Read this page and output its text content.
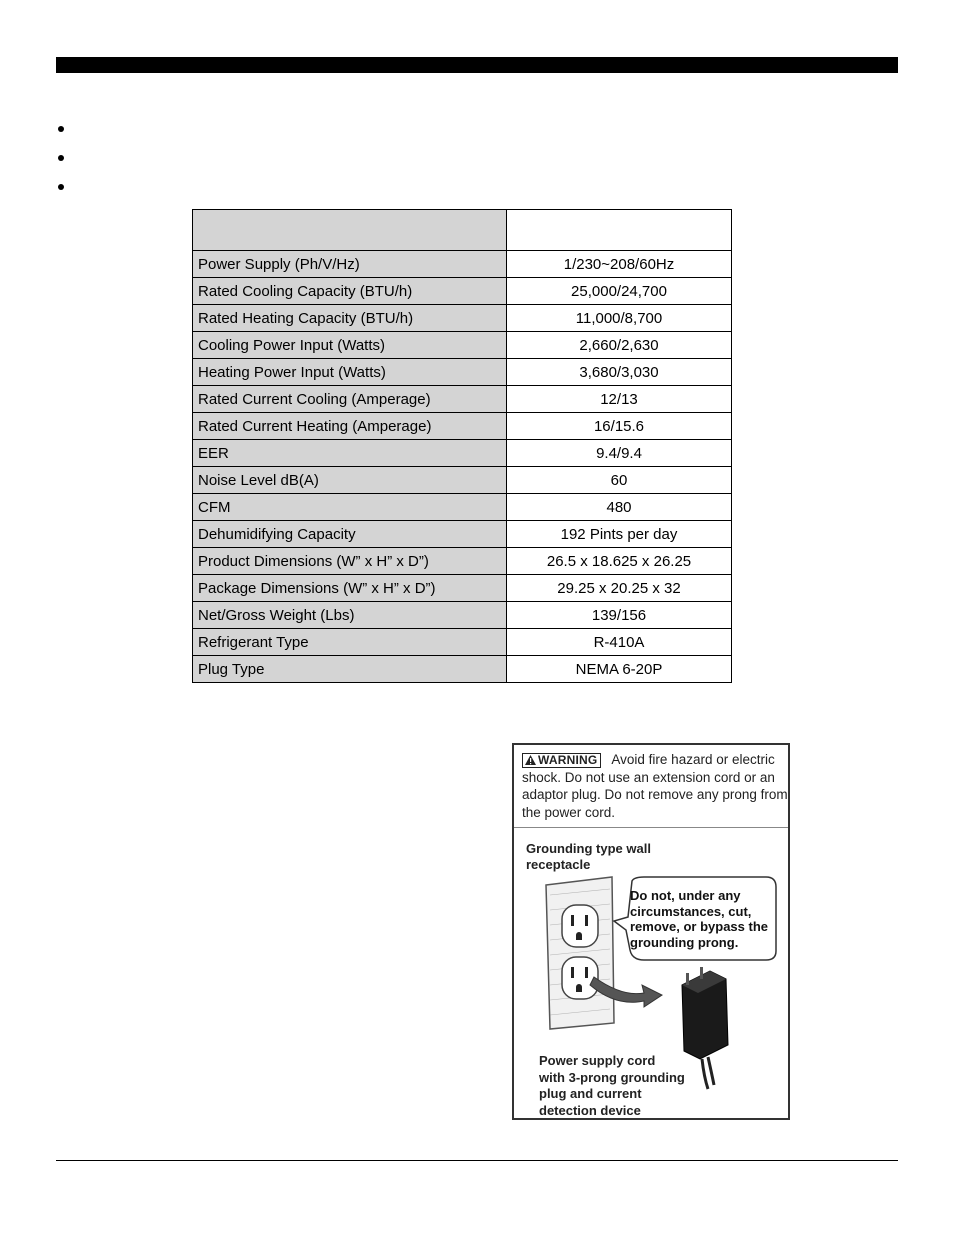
Power Supply (Ph/V/Hz)	1/230~208/60Hz
Rated Cooling Capacity (BTU/h)	25,000/24,700
Rated Heating Capacity (BTU/h)	11,000/8,700
Cooling Power Input (Watts)	2,660/2,630
Heating Power Input (Watts)	3,680/3,030
Rated Current Cooling (Amperage)	12/13
Rated Current Heating (Amperage)	16/15.6
EER	9.4/9.4
Noise Level dB(A)	60
CFM	480
Dehumidifying Capacity	192 Pints per day
Product Dimensions (W” x H” x D”)	26.5 x 18.625 x 26.25
Package Dimensions (W” x H” x D”)	29.25 x 20.25 x 32
Net/Gross Weight (Lbs)	139/156
Refrigerant Type	R-410A
Plug Type	NEMA 6-20P
WARNING Avoid fire hazard or electric shock. Do not use an extension cord or an adaptor plug. Do not remove any prong from the power cord.
Grounding type wall
receptacle
Do not, under any circumstances, cut, remove, or bypass the grounding prong.
Power supply cord
with 3-prong grounding
plug and current
detection device
